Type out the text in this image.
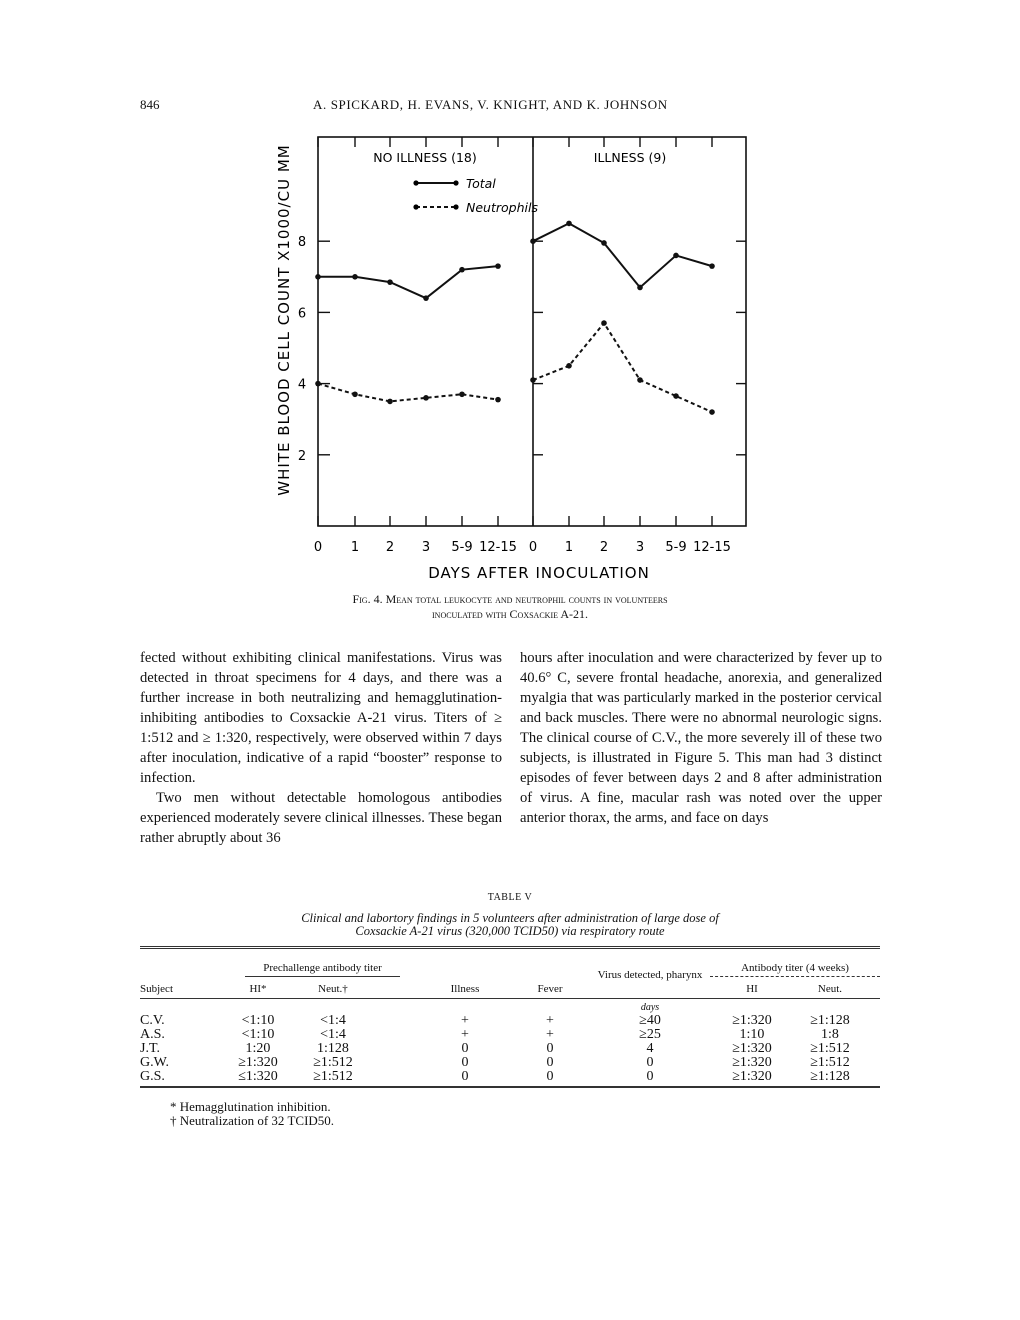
846	A. SPICKARD, H. EVANS, V. KNIGHT, AND K. JOHNSON
2
4
6
8
0 1 2 3 5-9 12-15 0 1 2 3 5-9 12-15
DAYS AFTER INOCULATION
WHITE BLOOD CELL COUNT X1000/CU MM	NO ILLNESS (18)	ILLNESS (9)
Total
Neutrophils
Fig. 4. Mean total leukocyte and neutrophil counts in volunteers
inoculated with Coxsackie A-21.

fected without exhibiting clinical manifestations. Virus was detected in throat specimens for 4 days, and there was a further increase in both neutralizing and hemagglutination-inhibiting antibodies to Coxsackie A-21 virus. Titers of ≥ 1:512 and ≥ 1:320, respectively, were observed within 7 days after inoculation, indicative of a rapid “booster” response to infection.

Two men without detectable homologous antibodies experienced moderately severe clinical illnesses. These began rather abruptly about 36

hours after inoculation and were characterized by fever up to 40.6° C, severe frontal headache, anorexia, and generalized myalgia that was particularly marked in the posterior cervical and back muscles. There were no abnormal neurologic signs. The clinical course of C.V., the more severely ill of these two subjects, is illustrated in Figure 5. This man had 3 distinct episodes of fever between days 2 and 8 after administration of virus. A fine, macular rash was noted over the upper anterior thorax, the arms, and face on days

TABLE V
Clinical and labortory findings in 5 volunteers after administration of large dose of
Coxsackie A-21 virus (320,000 TCID50) via respiratory route
Prechallenge antibody titer	Antibody titer (4 weeks)
Subject	HI*	Neut.†	Illness	Fever
Virus detected, pharynx
HI	Neut.
days
C.V.	<1:10	<1:4	+	+	≥40	≥1:320	≥1:128
A.S.	<1:10	<1:4	+	+	≥25	1:10	1:8
J.T.	1:20	1:128	0	0	4	≥1:320	≥1:512
G.W.	≥1:320	≥1:512	0	0	0	≥1:320	≥1:512
G.S.	≤1:320	≥1:512	0	0	0	≥1:320	≥1:128
* Hemagglutination inhibition.
† Neutralization of 32 TCID50.
